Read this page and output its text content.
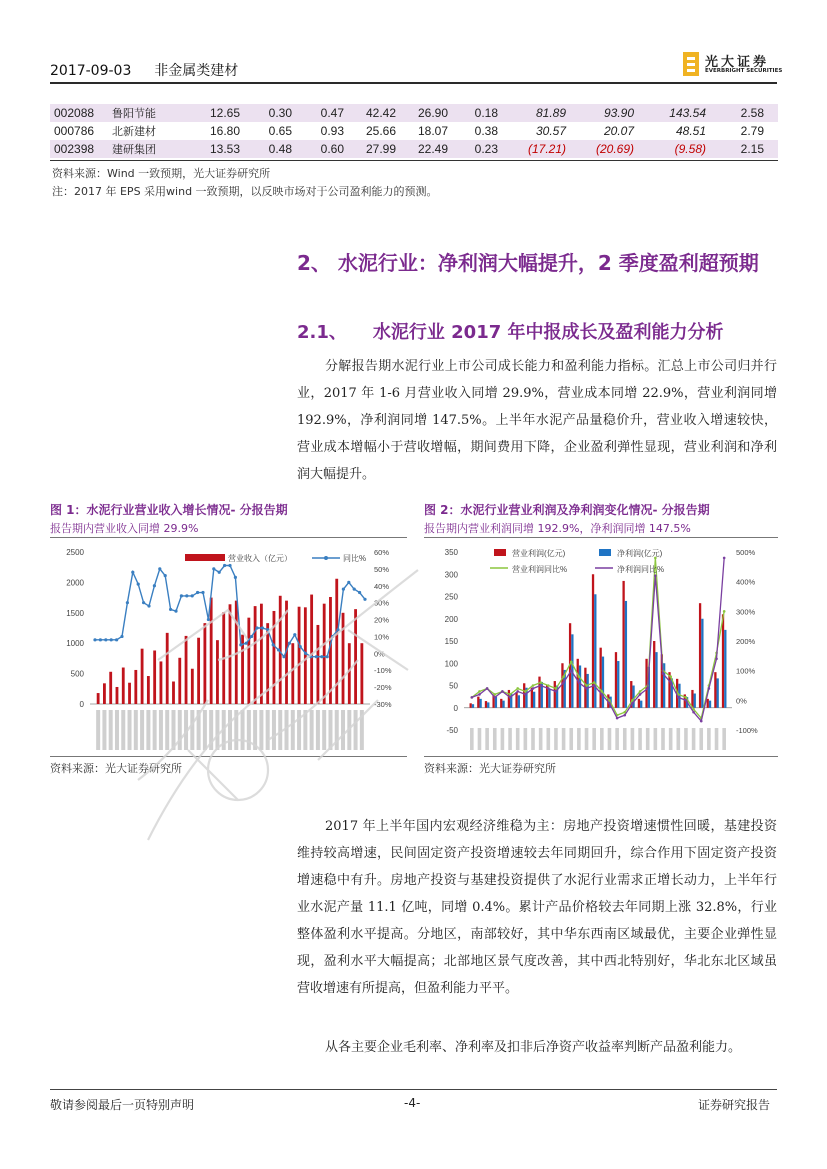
2017-09-03 非金属类建材
光大证券
EVERBRIGHT SECURITIES
002088	鲁阳节能	12.65	0.30	0.47	42.42	26.90	0.18	81.89	93.90	143.54	2.58
000786	北新建材	16.80	0.65	0.93	25.66	18.07	0.38	30.57	20.07	48.51	2.79
002398	建研集团	13.53	0.48	0.60	27.99	22.49	0.23	(17.21)	(20.69)	(9.58)	2.15
资料来源：Wind 一致预期，光大证券研究所
注：2017 年 EPS 采用wind 一致预期，以反映市场对于公司盈利能力的预测。
2、 水泥行业：净利润大幅提升，2 季度盈利超预期
2.1、 水泥行业 2017 年中报成长及盈利能力分析
分解报告期水泥行业上市公司成长能力和盈利能力指标。汇总上市公司归并行业，2017 年 1-6 月营业收入同增 29.9%，营业成本同增 22.9%，营业利润同增 192.9%，净利润同增 147.5%。上半年水泥产品量稳价升，营业收入增速较快，营业成本增幅小于营收增幅，期间费用下降，企业盈利弹性显现，营业利润和净利润大幅提升。
图 1：水泥行业营业收入增长情况- 分报告期
报告期内营业收入同增 29.9%
2500
2000
1500
1000
500
0
60%
50%
40%
30%
20%
10%
0%
-10%
-20%
-30%
营业收入（亿元）	同比%
资料来源：光大证券研究所
图 2：水泥行业营业利润及净利润变化情况- 分报告期
报告期内营业利润同增 192.9%，净利润同增 147.5%
350
300
250
200
150
100
50
0
-50
500%
400%
300%
200%
100%
0%
-100%
营业利润(亿元)	净利润(亿元)
营业利润同比%	净利润同比%
资料来源：光大证券研究所
2017 年上半年国内宏观经济维稳为主：房地产投资增速惯性回暖，基建投资维持较高增速，民间固定资产投资增速较去年同期回升，综合作用下固定资产投资增速稳中有升。房地产投资与基建投资提供了水泥行业需求正增长动力，上半年行业水泥产量 11.1 亿吨，同增 0.4%。累计产品价格较去年同期上涨 32.8%，行业整体盈利水平提高。分地区，南部较好，其中华东西南区域最优，主要企业弹性显现，盈利水平大幅提高；北部地区景气度改善，其中西北特别好，华北东北区域虽营收增速有所提高，但盈利能力平平。
从各主要企业毛利率、净利率及扣非后净资产收益率判断产品盈利能力。
敬请参阅最后一页特别声明	-4-	证券研究报告
